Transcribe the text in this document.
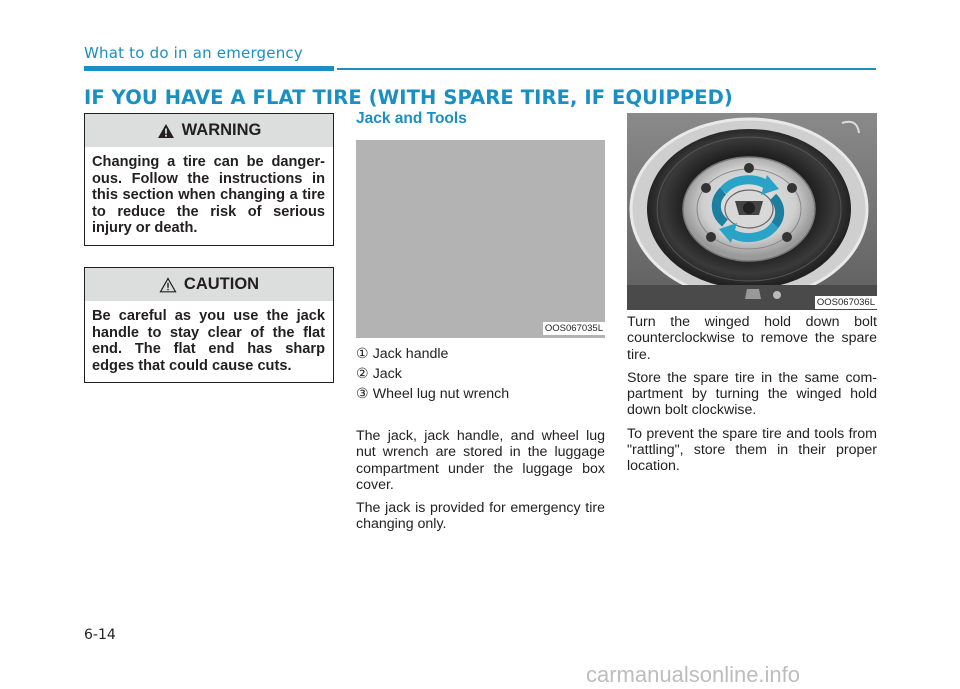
What to do in an emergency
IF YOU HAVE A FLAT TIRE (WITH SPARE TIRE, IF EQUIPPED)
WARNING
Changing a tire can be danger-ous. Follow the instructions in this section when changing a tire to reduce the risk of serious injury or death.
CAUTION
Be careful as you use the jack handle to stay clear of the flat end. The flat end has sharp edges that could cause cuts.
Jack and Tools
OOS067035L
① Jack handle
② Jack
③ Wheel lug nut wrench

The jack, jack handle, and wheel lug nut wrench are stored in the luggage compartment under the luggage box cover.

The jack is provided for emergency tire changing only.

OOS067036L

Turn the winged hold down bolt counterclockwise to remove the spare tire.

Store the spare tire in the same com-partment by turning the winged hold down bolt clockwise.

To prevent the spare tire and tools from "rattling", store them in their proper location.

6-14
carmanualsonline.info
